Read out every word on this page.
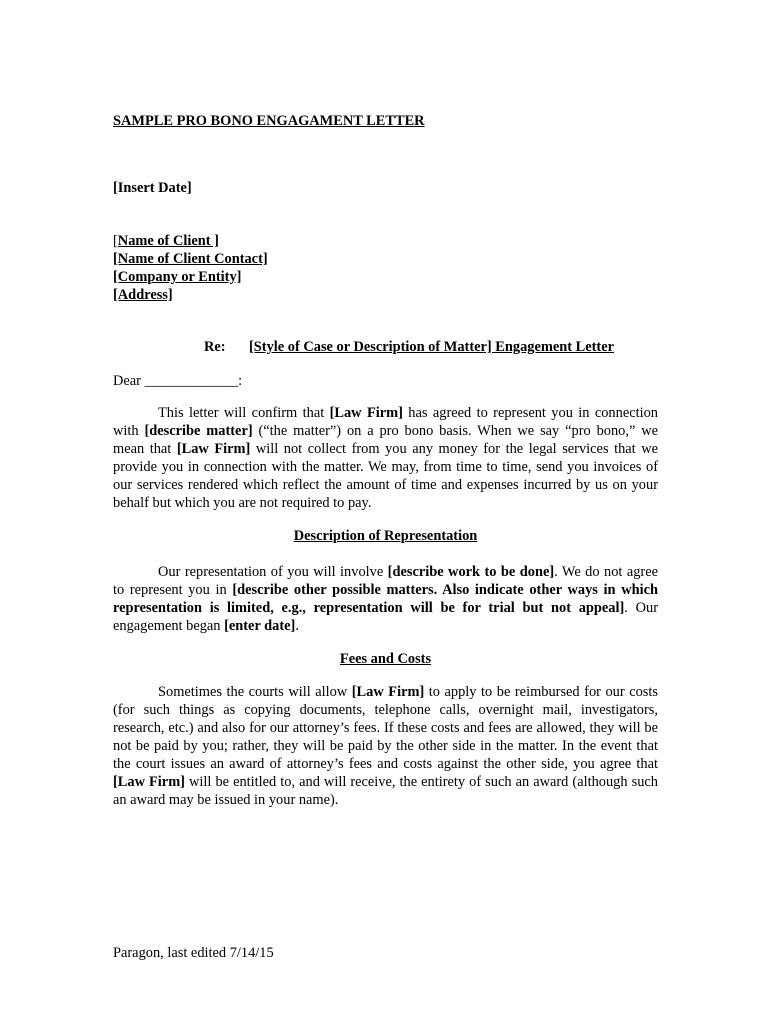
SAMPLE PRO BONO ENGAGAMENT LETTER
[Insert Date]
[Name of Client ]
[Name of Client Contact]
[Company or Entity]
[Address]
Re: [Style of Case or Description of Matter] Engagement Letter
Dear _____________:
This letter will confirm that [Law Firm] has agreed to represent you in connection with [describe matter] (“the matter”) on a pro bono basis. When we say “pro bono,” we mean that [Law Firm] will not collect from you any money for the legal services that we provide you in connection with the matter. We may, from time to time, send you invoices of our services rendered which reflect the amount of time and expenses incurred by us on your behalf but which you are not required to pay.
Description of Representation
Our representation of you will involve [describe work to be done]. We do not agree to represent you in [describe other possible matters. Also indicate other ways in which representation is limited, e.g., representation will be for trial but not appeal]. Our engagement began [enter date].
Fees and Costs
Sometimes the courts will allow [Law Firm] to apply to be reimbursed for our costs (for such things as copying documents, telephone calls, overnight mail, investigators, research, etc.) and also for our attorney’s fees. If these costs and fees are allowed, they will be not be paid by you; rather, they will be paid by the other side in the matter. In the event that the court issues an award of attorney’s fees and costs against the other side, you agree that [Law Firm] will be entitled to, and will receive, the entirety of such an award (although such an award may be issued in your name).
Paragon, last edited 7/14/15
